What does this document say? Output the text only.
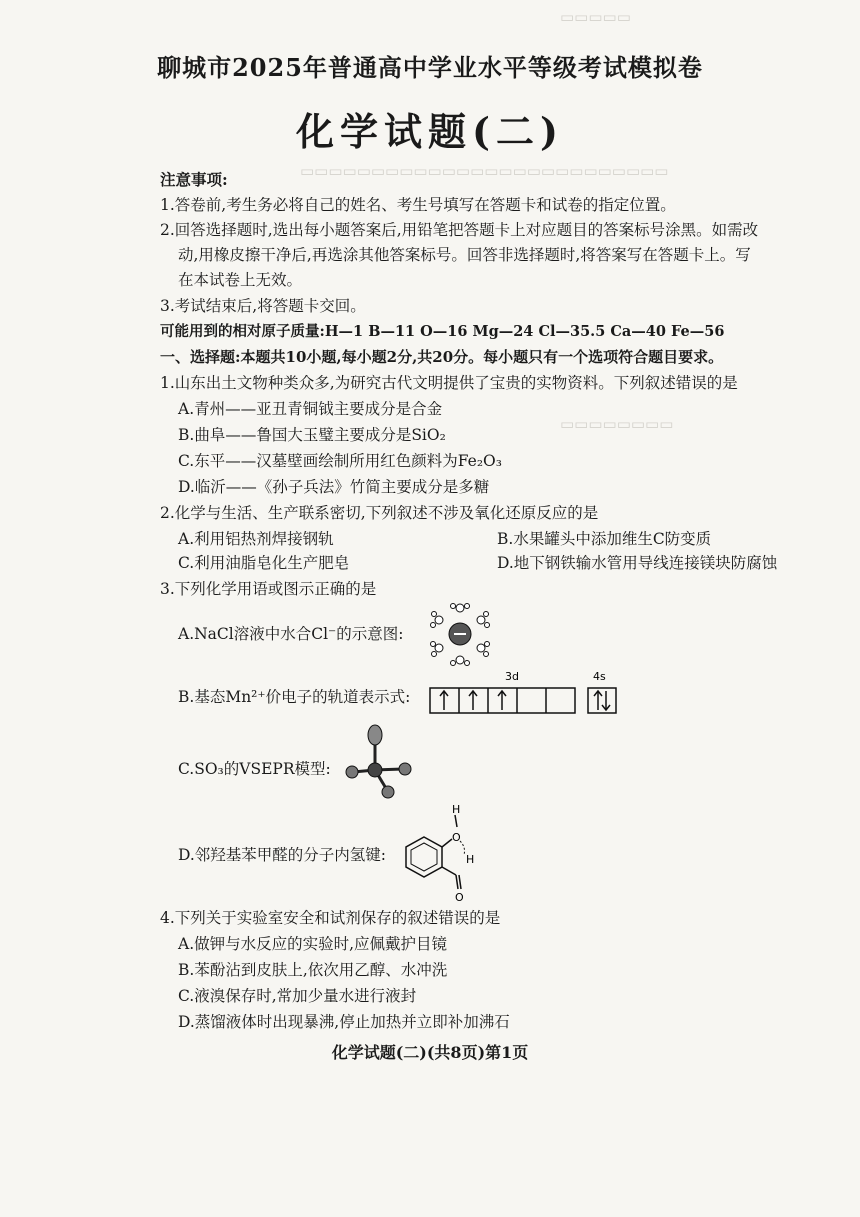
▭▭▭▭▭
▭▭▭▭▭▭▭▭▭▭▭▭▭▭▭▭▭▭▭▭▭▭▭▭▭▭
▭▭▭▭▭▭▭▭
聊城市2025年普通高中学业水平等级考试模拟卷
化学试题(二)
注意事项:
1.答卷前,考生务必将自己的姓名、考生号填写在答题卡和试卷的指定位置。
2.回答选择题时,选出每小题答案后,用铅笔把答题卡上对应题目的答案标号涂黑。如需改
动,用橡皮擦干净后,再选涂其他答案标号。回答非选择题时,将答案写在答题卡上。写
在本试卷上无效。
3.考试结束后,将答题卡交回。
可能用到的相对原子质量:H—1 B—11 O—16 Mg—24 Cl—35.5 Ca—40 Fe—56
一、选择题:本题共10小题,每小题2分,共20分。每小题只有一个选项符合题目要求。
1.山东出土文物种类众多,为研究古代文明提供了宝贵的实物资料。下列叙述错误的是
A.青州——亚丑青铜钺主要成分是合金
B.曲阜——鲁国大玉璧主要成分是SiO₂
C.东平——汉墓壁画绘制所用红色颜料为Fe₂O₃
D.临沂——《孙子兵法》竹简主要成分是多糖
2.化学与生活、生产联系密切,下列叙述不涉及氧化还原反应的是
A.利用铝热剂焊接钢轨	B.水果罐头中添加维生C防变质
C.利用油脂皂化生产肥皂	D.地下钢铁输水管用导线连接镁块防腐蚀
3.下列化学用语或图示正确的是
A.NaCl溶液中水合Cl⁻的示意图:
B.基态Mn²⁺价电子的轨道表示式:
3d	4s
C.SO₃的VSEPR模型:
D.邻羟基苯甲醛的分子内氢键:
H
O
H
O
4.下列关于实验室安全和试剂保存的叙述错误的是
A.做钾与水反应的实验时,应佩戴护目镜
B.苯酚沾到皮肤上,依次用乙醇、水冲洗
C.液溴保存时,常加少量水进行液封
D.蒸馏液体时出现暴沸,停止加热并立即补加沸石
化学试题(二)(共8页)第1页
